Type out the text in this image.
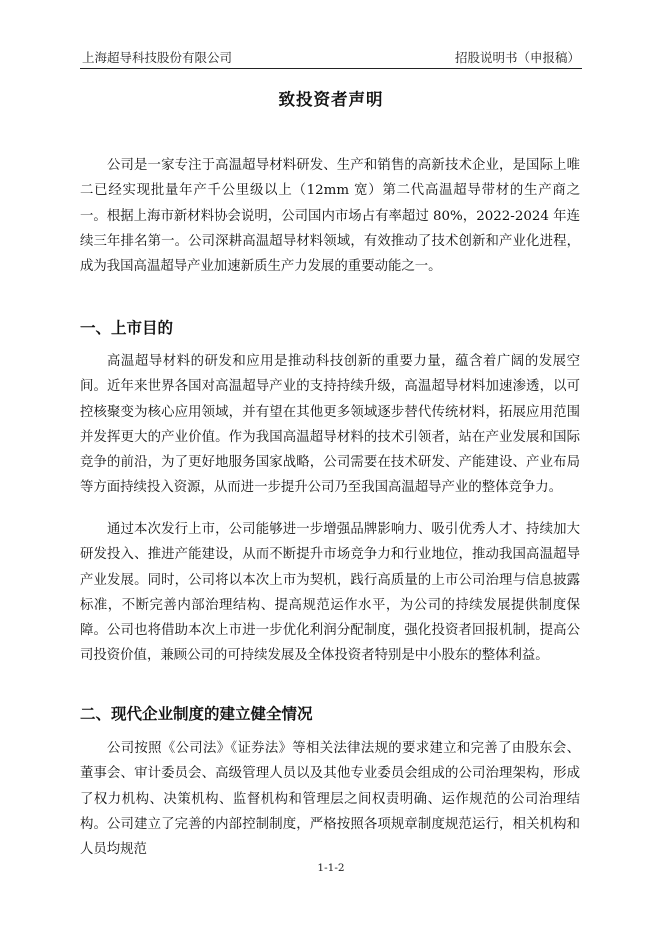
上海超导科技股份有限公司	招股说明书（申报稿）
致投资者声明

公司是一家专注于高温超导材料研发、生产和销售的高新技术企业，是国际上唯二已经实现批量年产千公里级以上（12mm 宽）第二代高温超导带材的生产商之一。根据上海市新材料协会说明，公司国内市场占有率超过 80%，2022-2024 年连续三年排名第一。公司深耕高温超导材料领域，有效推动了技术创新和产业化进程，成为我国高温超导产业加速新质生产力发展的重要动能之一。

一、上市目的

高温超导材料的研发和应用是推动科技创新的重要力量，蕴含着广阔的发展空间。近年来世界各国对高温超导产业的支持持续升级，高温超导材料加速渗透，以可控核聚变为核心应用领域，并有望在其他更多领域逐步替代传统材料，拓展应用范围并发挥更大的产业价值。作为我国高温超导材料的技术引领者，站在产业发展和国际竞争的前沿，为了更好地服务国家战略，公司需要在技术研发、产能建设、产业布局等方面持续投入资源，从而进一步提升公司乃至我国高温超导产业的整体竞争力。

通过本次发行上市，公司能够进一步增强品牌影响力、吸引优秀人才、持续加大研发投入、推进产能建设，从而不断提升市场竞争力和行业地位，推动我国高温超导产业发展。同时，公司将以本次上市为契机，践行高质量的上市公司治理与信息披露标准，不断完善内部治理结构、提高规范运作水平，为公司的持续发展提供制度保障。公司也将借助本次上市进一步优化利润分配制度，强化投资者回报机制，提高公司投资价值，兼顾公司的可持续发展及全体投资者特别是中小股东的整体利益。

二、现代企业制度的建立健全情况

公司按照《公司法》《证券法》等相关法律法规的要求建立和完善了由股东会、董事会、审计委员会、高级管理人员以及其他专业委员会组成的公司治理架构，形成了权力机构、决策机构、监督机构和管理层之间权责明确、运作规范的公司治理结构。公司建立了完善的内部控制制度，严格按照各项规章制度规范运行，相关机构和人员均规范

1-1-2
